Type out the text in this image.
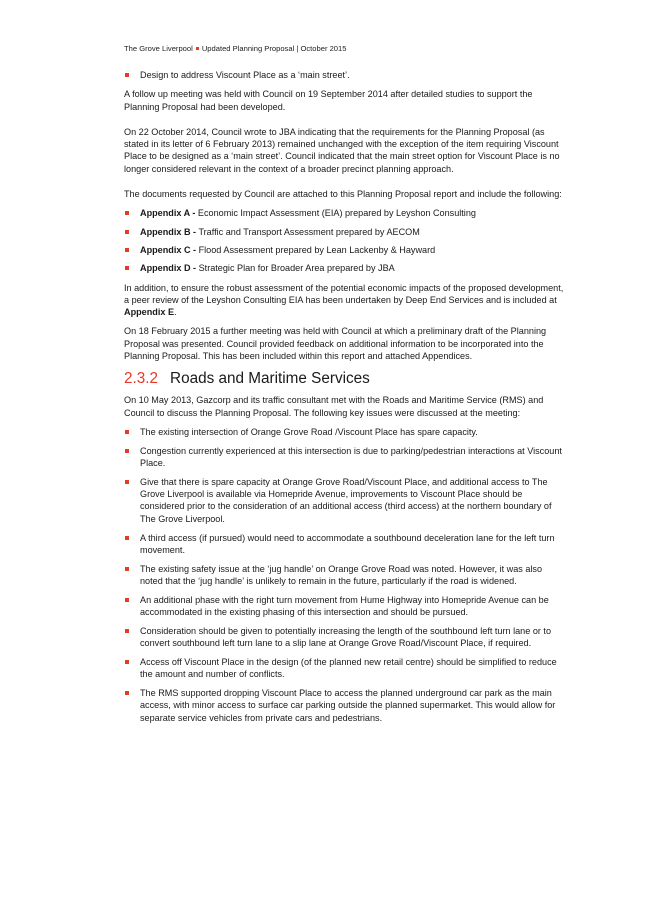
The Grove Liverpool Updated Planning Proposal | October 2015
Design to address Viscount Place as a ‘main street’.

A follow up meeting was held with Council on 19 September 2014 after detailed studies to support the Planning Proposal had been developed.

On 22 October 2014, Council wrote to JBA indicating that the requirements for the Planning Proposal (as stated in its letter of 6 February 2013) remained unchanged with the exception of the item requiring Viscount Place to be designed as a ‘main street’. Council indicated that the main street option for Viscount Place is no longer considered relevant in the context of a broader precinct planning approach.

The documents requested by Council are attached to this Planning Proposal report and include the following:

Appendix A - Economic Impact Assessment (EIA) prepared by Leyshon Consulting
Appendix B - Traffic and Transport Assessment prepared by AECOM
Appendix C - Flood Assessment prepared by Lean Lackenby & Hayward
Appendix D - Strategic Plan for Broader Area prepared by JBA

In addition, to ensure the robust assessment of the potential economic impacts of the proposed development, a peer review of the Leyshon Consulting EIA has been undertaken by Deep End Services and is included at Appendix E.

On 18 February 2015 a further meeting was held with Council at which a preliminary draft of the Planning Proposal was presented. Council provided feedback on additional information to be incorporated into the Planning Proposal. This has been included within this report and attached Appendices.

2.3.2 Roads and Maritime Services

On 10 May 2013, Gazcorp and its traffic consultant met with the Roads and Maritime Service (RMS) and Council to discuss the Planning Proposal. The following key issues were discussed at the meeting:

The existing intersection of Orange Grove Road /Viscount Place has spare capacity.
Congestion currently experienced at this intersection is due to parking/pedestrian interactions at Viscount Place.
Give that there is spare capacity at Orange Grove Road/Viscount Place, and additional access to The Grove Liverpool is available via Homepride Avenue, improvements to Viscount Place should be considered prior to the consideration of an additional access (third access) at the northern boundary of The Grove Liverpool.
A third access (if pursued) would need to accommodate a southbound deceleration lane for the left turn movement.
The existing safety issue at the ‘jug handle’ on Orange Grove Road was noted. However, it was also noted that the ‘jug handle’ is unlikely to remain in the future, particularly if the road is widened.
An additional phase with the right turn movement from Hume Highway into Homepride Avenue can be accommodated in the existing phasing of this intersection and should be pursued.
Consideration should be given to potentially increasing the length of the southbound left turn lane or to convert southbound left turn lane to a slip lane at Orange Grove Road/Viscount Place, if required.
Access off Viscount Place in the design (of the planned new retail centre) should be simplified to reduce the amount and number of conflicts.
The RMS supported dropping Viscount Place to access the planned underground car park as the main access, with minor access to surface car parking outside the planned supermarket. This would allow for separate service vehicles from private cars and pedestrians.
